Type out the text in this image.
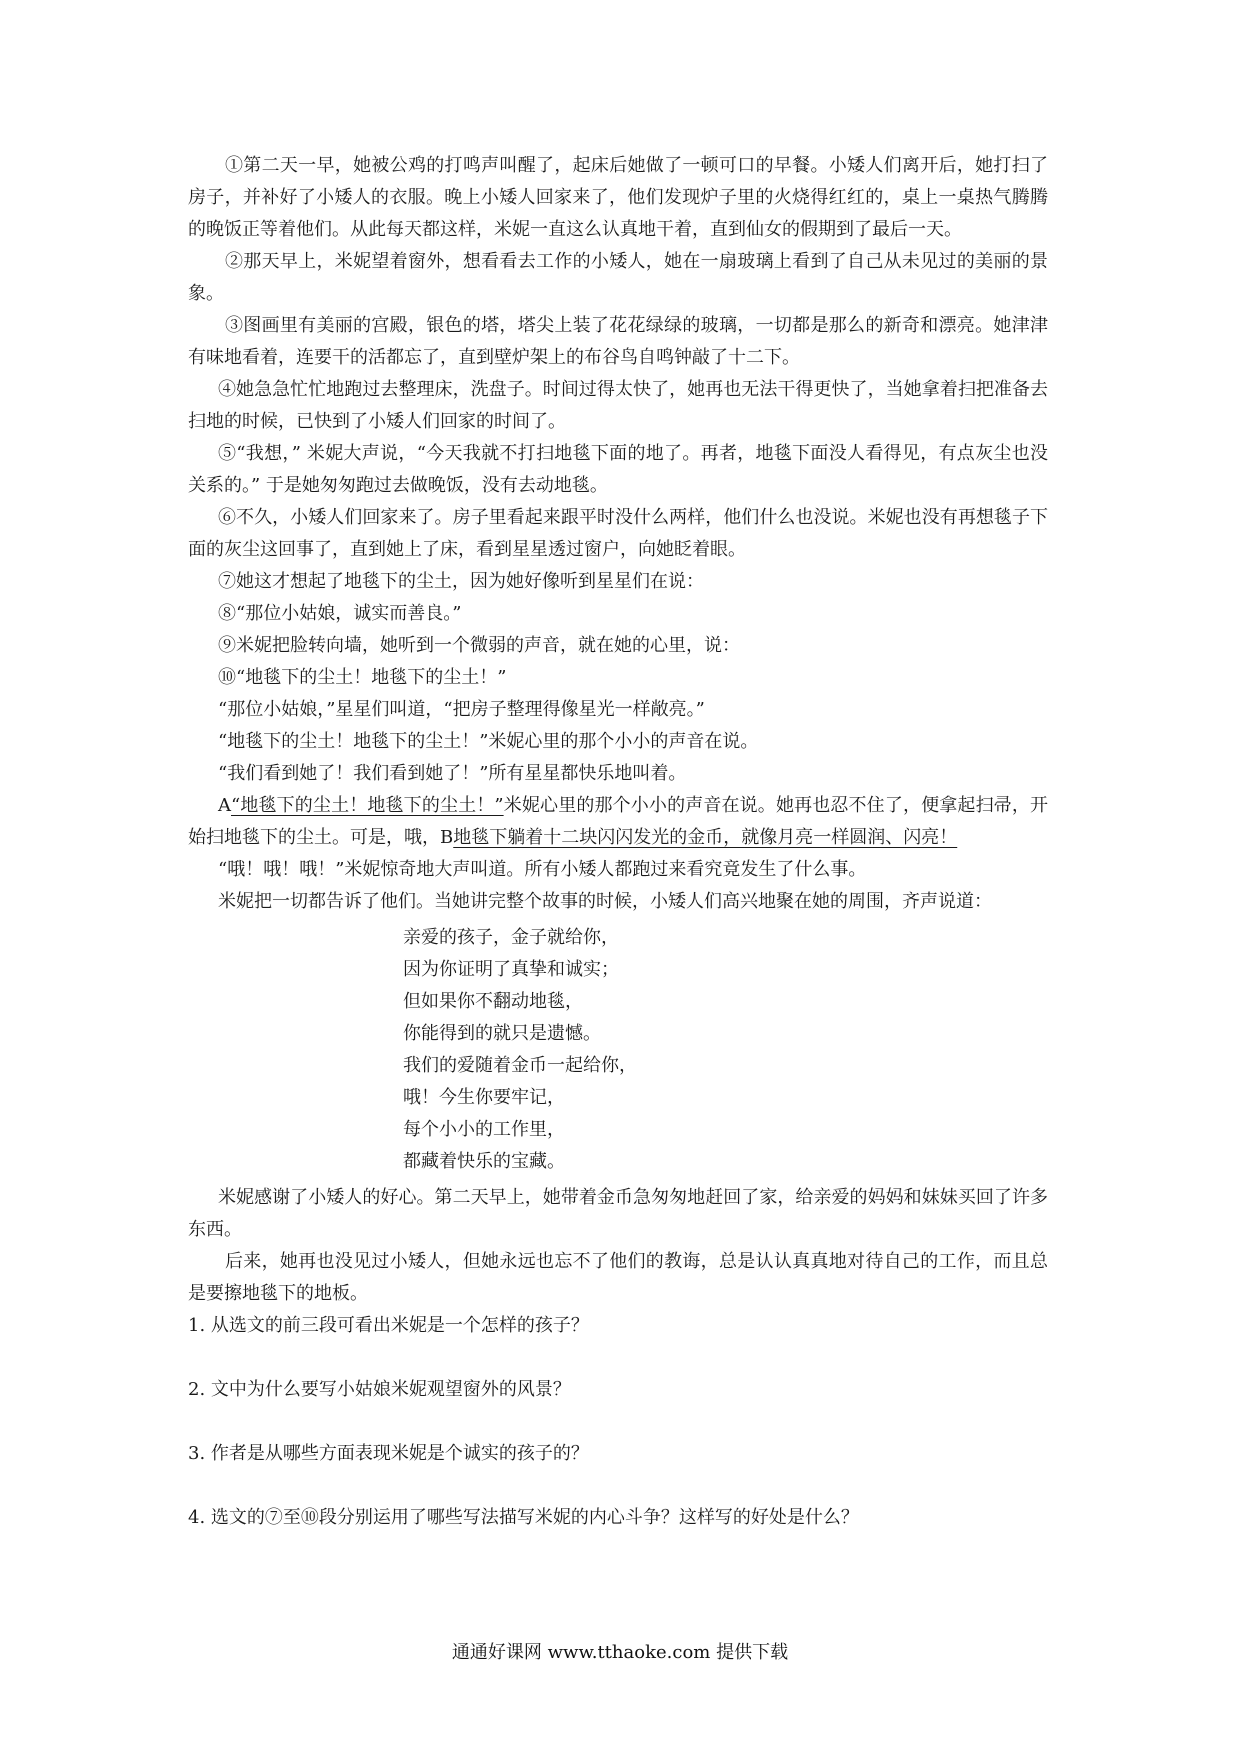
①第二天一早，她被公鸡的打鸣声叫醒了，起床后她做了一顿可口的早餐。小矮人们离开后，她打扫了房子，并补好了小矮人的衣服。晚上小矮人回家来了，他们发现炉子里的火烧得红红的，桌上一桌热气腾腾的晚饭正等着他们。从此每天都这样，米妮一直这么认真地干着，直到仙女的假期到了最后一天。

②那天早上，米妮望着窗外，想看看去工作的小矮人，她在一扇玻璃上看到了自己从未见过的美丽的景象。

③图画里有美丽的宫殿，银色的塔，塔尖上装了花花绿绿的玻璃，一切都是那么的新奇和漂亮。她津津有味地看着，连要干的活都忘了，直到壁炉架上的布谷鸟自鸣钟敲了十二下。

④她急急忙忙地跑过去整理床，洗盘子。时间过得太快了，她再也无法干得更快了，当她拿着扫把准备去扫地的时候，已快到了小矮人们回家的时间了。

⑤“我想，” 米妮大声说，“今天我就不打扫地毯下面的地了。再者，地毯下面没人看得见，有点灰尘也没关系的。” 于是她匆匆跑过去做晚饭，没有去动地毯。

⑥不久，小矮人们回家来了。房子里看起来跟平时没什么两样，他们什么也没说。米妮也没有再想毯子下面的灰尘这回事了，直到她上了床，看到星星透过窗户，向她眨着眼。

⑦她这才想起了地毯下的尘土，因为她好像听到星星们在说：

⑧“那位小姑娘，诚实而善良。”

⑨米妮把脸转向墙，她听到一个微弱的声音，就在她的心里，说：

⑩“地毯下的尘土！地毯下的尘土！”

“那位小姑娘，”星星们叫道，“把房子整理得像星光一样敞亮。”

“地毯下的尘土！地毯下的尘土！”米妮心里的那个小小的声音在说。

“我们看到她了！我们看到她了！”所有星星都快乐地叫着。

A“地毯下的尘土！地毯下的尘土！”米妮心里的那个小小的声音在说。她再也忍不住了，便拿起扫帚，开始扫地毯下的尘土。可是，哦，B地毯下躺着十二块闪闪发光的金币，就像月亮一样圆润、闪亮！

“哦！哦！哦！”米妮惊奇地大声叫道。所有小矮人都跑过来看究竟发生了什么事。

米妮把一切都告诉了他们。当她讲完整个故事的时候，小矮人们高兴地聚在她的周围，齐声说道：

亲爱的孩子，金子就给你，

因为你证明了真挚和诚实；

但如果你不翻动地毯，

你能得到的就只是遗憾。

我们的爱随着金币一起给你，

哦！今生你要牢记，

每个小小的工作里，

都藏着快乐的宝藏。

米妮感谢了小矮人的好心。第二天早上，她带着金币急匆匆地赶回了家，给亲爱的妈妈和妹妹买回了许多东西。

后来，她再也没见过小矮人，但她永远也忘不了他们的教诲，总是认认真真地对待自己的工作，而且总是要擦地毯下的地板。

1. 从选文的前三段可看出米妮是一个怎样的孩子？

2. 文中为什么要写小姑娘米妮观望窗外的风景？

3. 作者是从哪些方面表现米妮是个诚实的孩子的？

4. 选文的⑦至⑩段分别运用了哪些写法描写米妮的内心斗争？这样写的好处是什么？

通通好课网 www.tthaoke.com 提供下载
